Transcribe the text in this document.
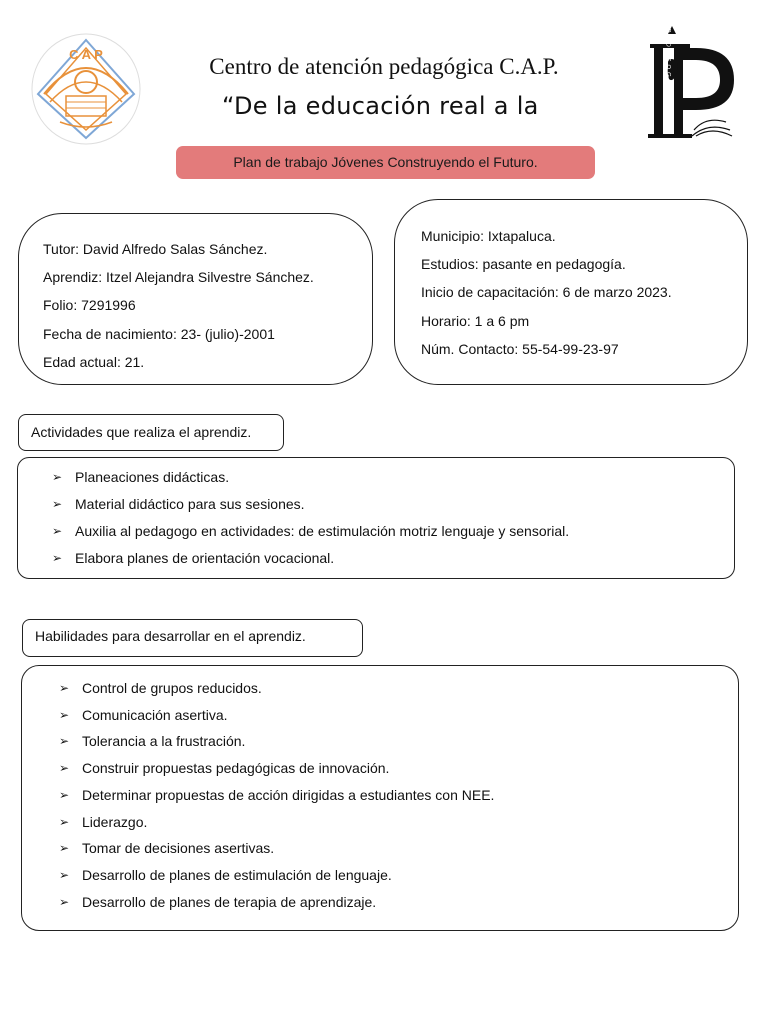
C A P	PEDAGOGÍA
Centro de atención pedagógica C.A.P.
“De la educación real a la
Plan de trabajo Jóvenes Construyendo el Futuro.
Tutor: David Alfredo Salas Sánchez.
Aprendiz: Itzel Alejandra Silvestre Sánchez.
Folio: 7291996
Fecha de nacimiento: 23- (julio)-2001
Edad actual: 21.
Municipio: Ixtapaluca.
Estudios: pasante en pedagogía.
Inicio de capacitación: 6 de marzo 2023.
Horario: 1 a 6 pm
Núm. Contacto: 55-54-99-23-97
Actividades que realiza el aprendiz.
➢ Planeaciones didácticas.
➢ Material didáctico para sus sesiones.
➢ Auxilia al pedagogo en actividades: de estimulación motriz lenguaje y sensorial.
➢ Elabora planes de orientación vocacional.
Habilidades para desarrollar en el aprendiz.
➢ Control de grupos reducidos.
➢ Comunicación asertiva.
➢ Tolerancia a la frustración.
➢ Construir propuestas pedagógicas de innovación.
➢ Determinar propuestas de acción dirigidas a estudiantes con NEE.
➢ Liderazgo.
➢ Tomar de decisiones asertivas.
➢ Desarrollo de planes de estimulación de lenguaje.
➢ Desarrollo de planes de terapia de aprendizaje.
